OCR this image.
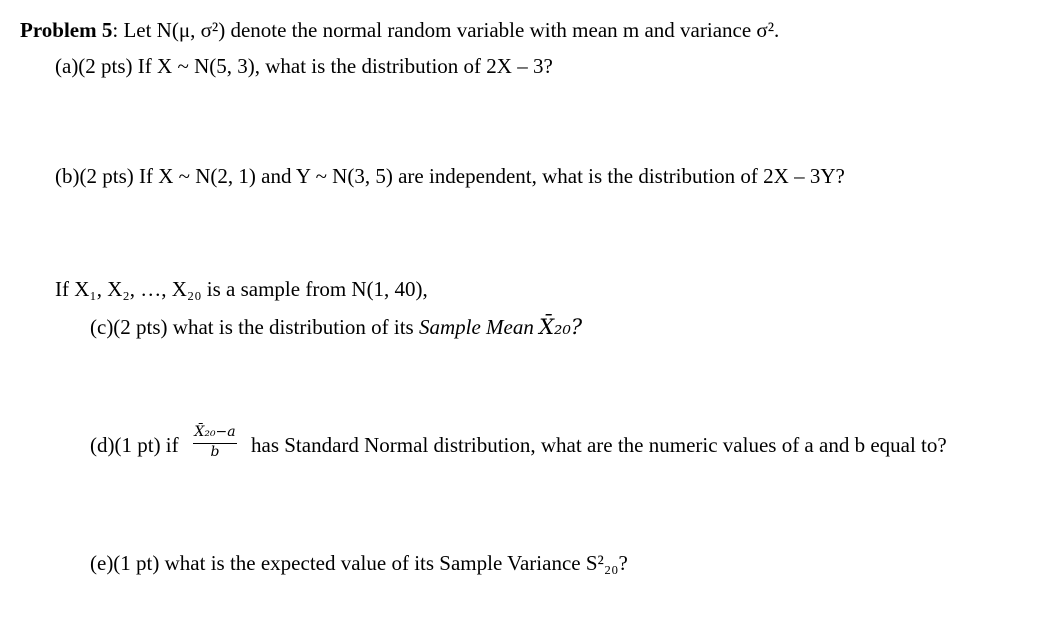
Problem 5: Let N(μ, σ²) denote the normal random variable with mean m and variance σ².
(a)(2 pts) If X ~ N(5, 3), what is the distribution of 2X – 3?
(b)(2 pts) If X ~ N(2, 1) and Y ~ N(3, 5) are independent, what is the distribution of 2X – 3Y?
If X₁, X₂, …, X₂₀ is a sample from N(1, 40),
(c)(2 pts) what is the distribution of its Sample Mean X̄₂₀?
(d)(1 pt) if
X̄₂₀−a
b	has Standard Normal distribution, what are the numeric values of a and b equal to?
(e)(1 pt) what is the expected value of its Sample Variance S²₂₀?
